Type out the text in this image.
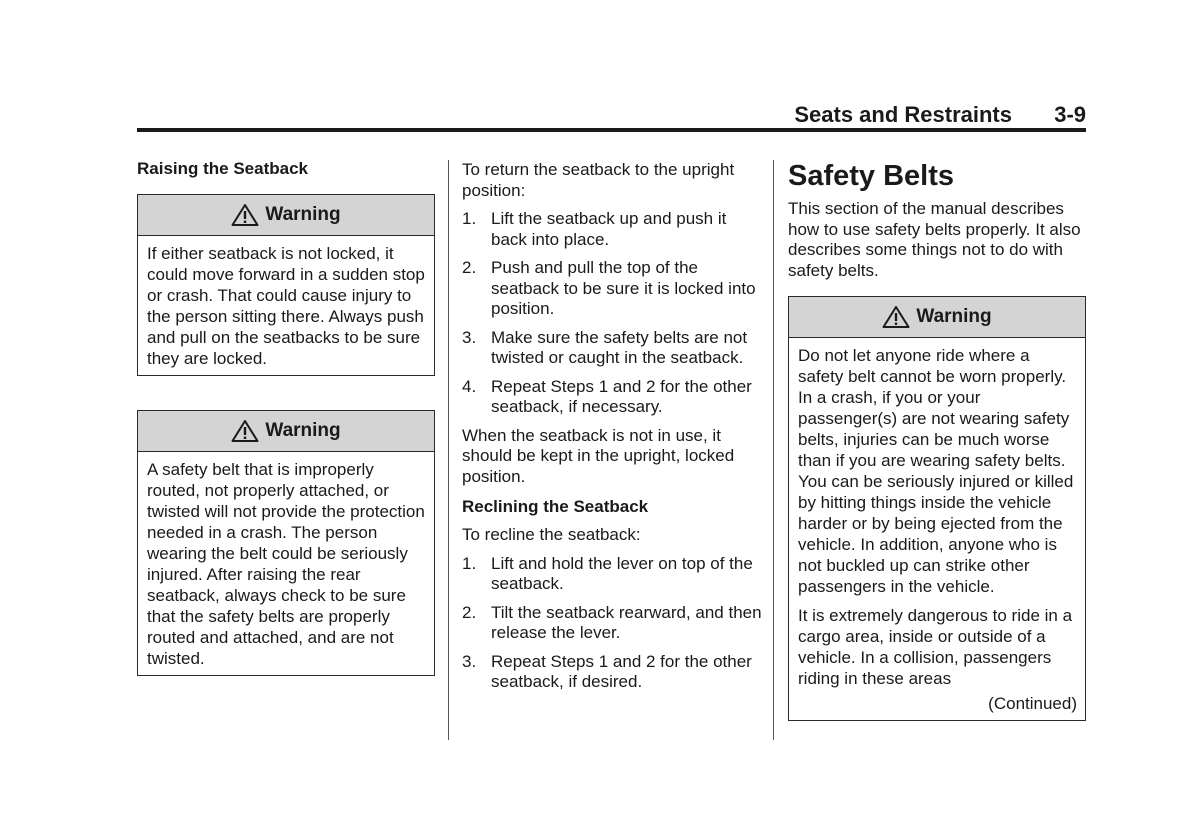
Seats and Restraints 3-9

Raising the Seatback

Warning

If either seatback is not locked, it could move forward in a sudden stop or crash. That could cause injury to the person sitting there. Always push and pull on the seatbacks to be sure they are locked.

Warning

A safety belt that is improperly routed, not properly attached, or twisted will not provide the protection needed in a crash. The person wearing the belt could be seriously injured. After raising the rear seatback, always check to be sure that the safety belts are properly routed and attached, and are not twisted.

To return the seatback to the upright position:

1. Lift the seatback up and push it back into place.
2. Push and pull the top of the seatback to be sure it is locked into position.
3. Make sure the safety belts are not twisted or caught in the seatback.
4. Repeat Steps 1 and 2 for the other seatback, if necessary.

When the seatback is not in use, it should be kept in the upright, locked position.

Reclining the Seatback

To recline the seatback:

1. Lift and hold the lever on top of the seatback.
2. Tilt the seatback rearward, and then release the lever.
3. Repeat Steps 1 and 2 for the other seatback, if desired.
Safety Belts

This section of the manual describes how to use safety belts properly. It also describes some things not to do with safety belts.

Warning

Do not let anyone ride where a safety belt cannot be worn properly. In a crash, if you or your passenger(s) are not wearing safety belts, injuries can be much worse than if you are wearing safety belts. You can be seriously injured or killed by hitting things inside the vehicle harder or by being ejected from the vehicle. In addition, anyone who is not buckled up can strike other passengers in the vehicle.

It is extremely dangerous to ride in a cargo area, inside or outside of a vehicle. In a collision, passengers riding in these areas

(Continued)
